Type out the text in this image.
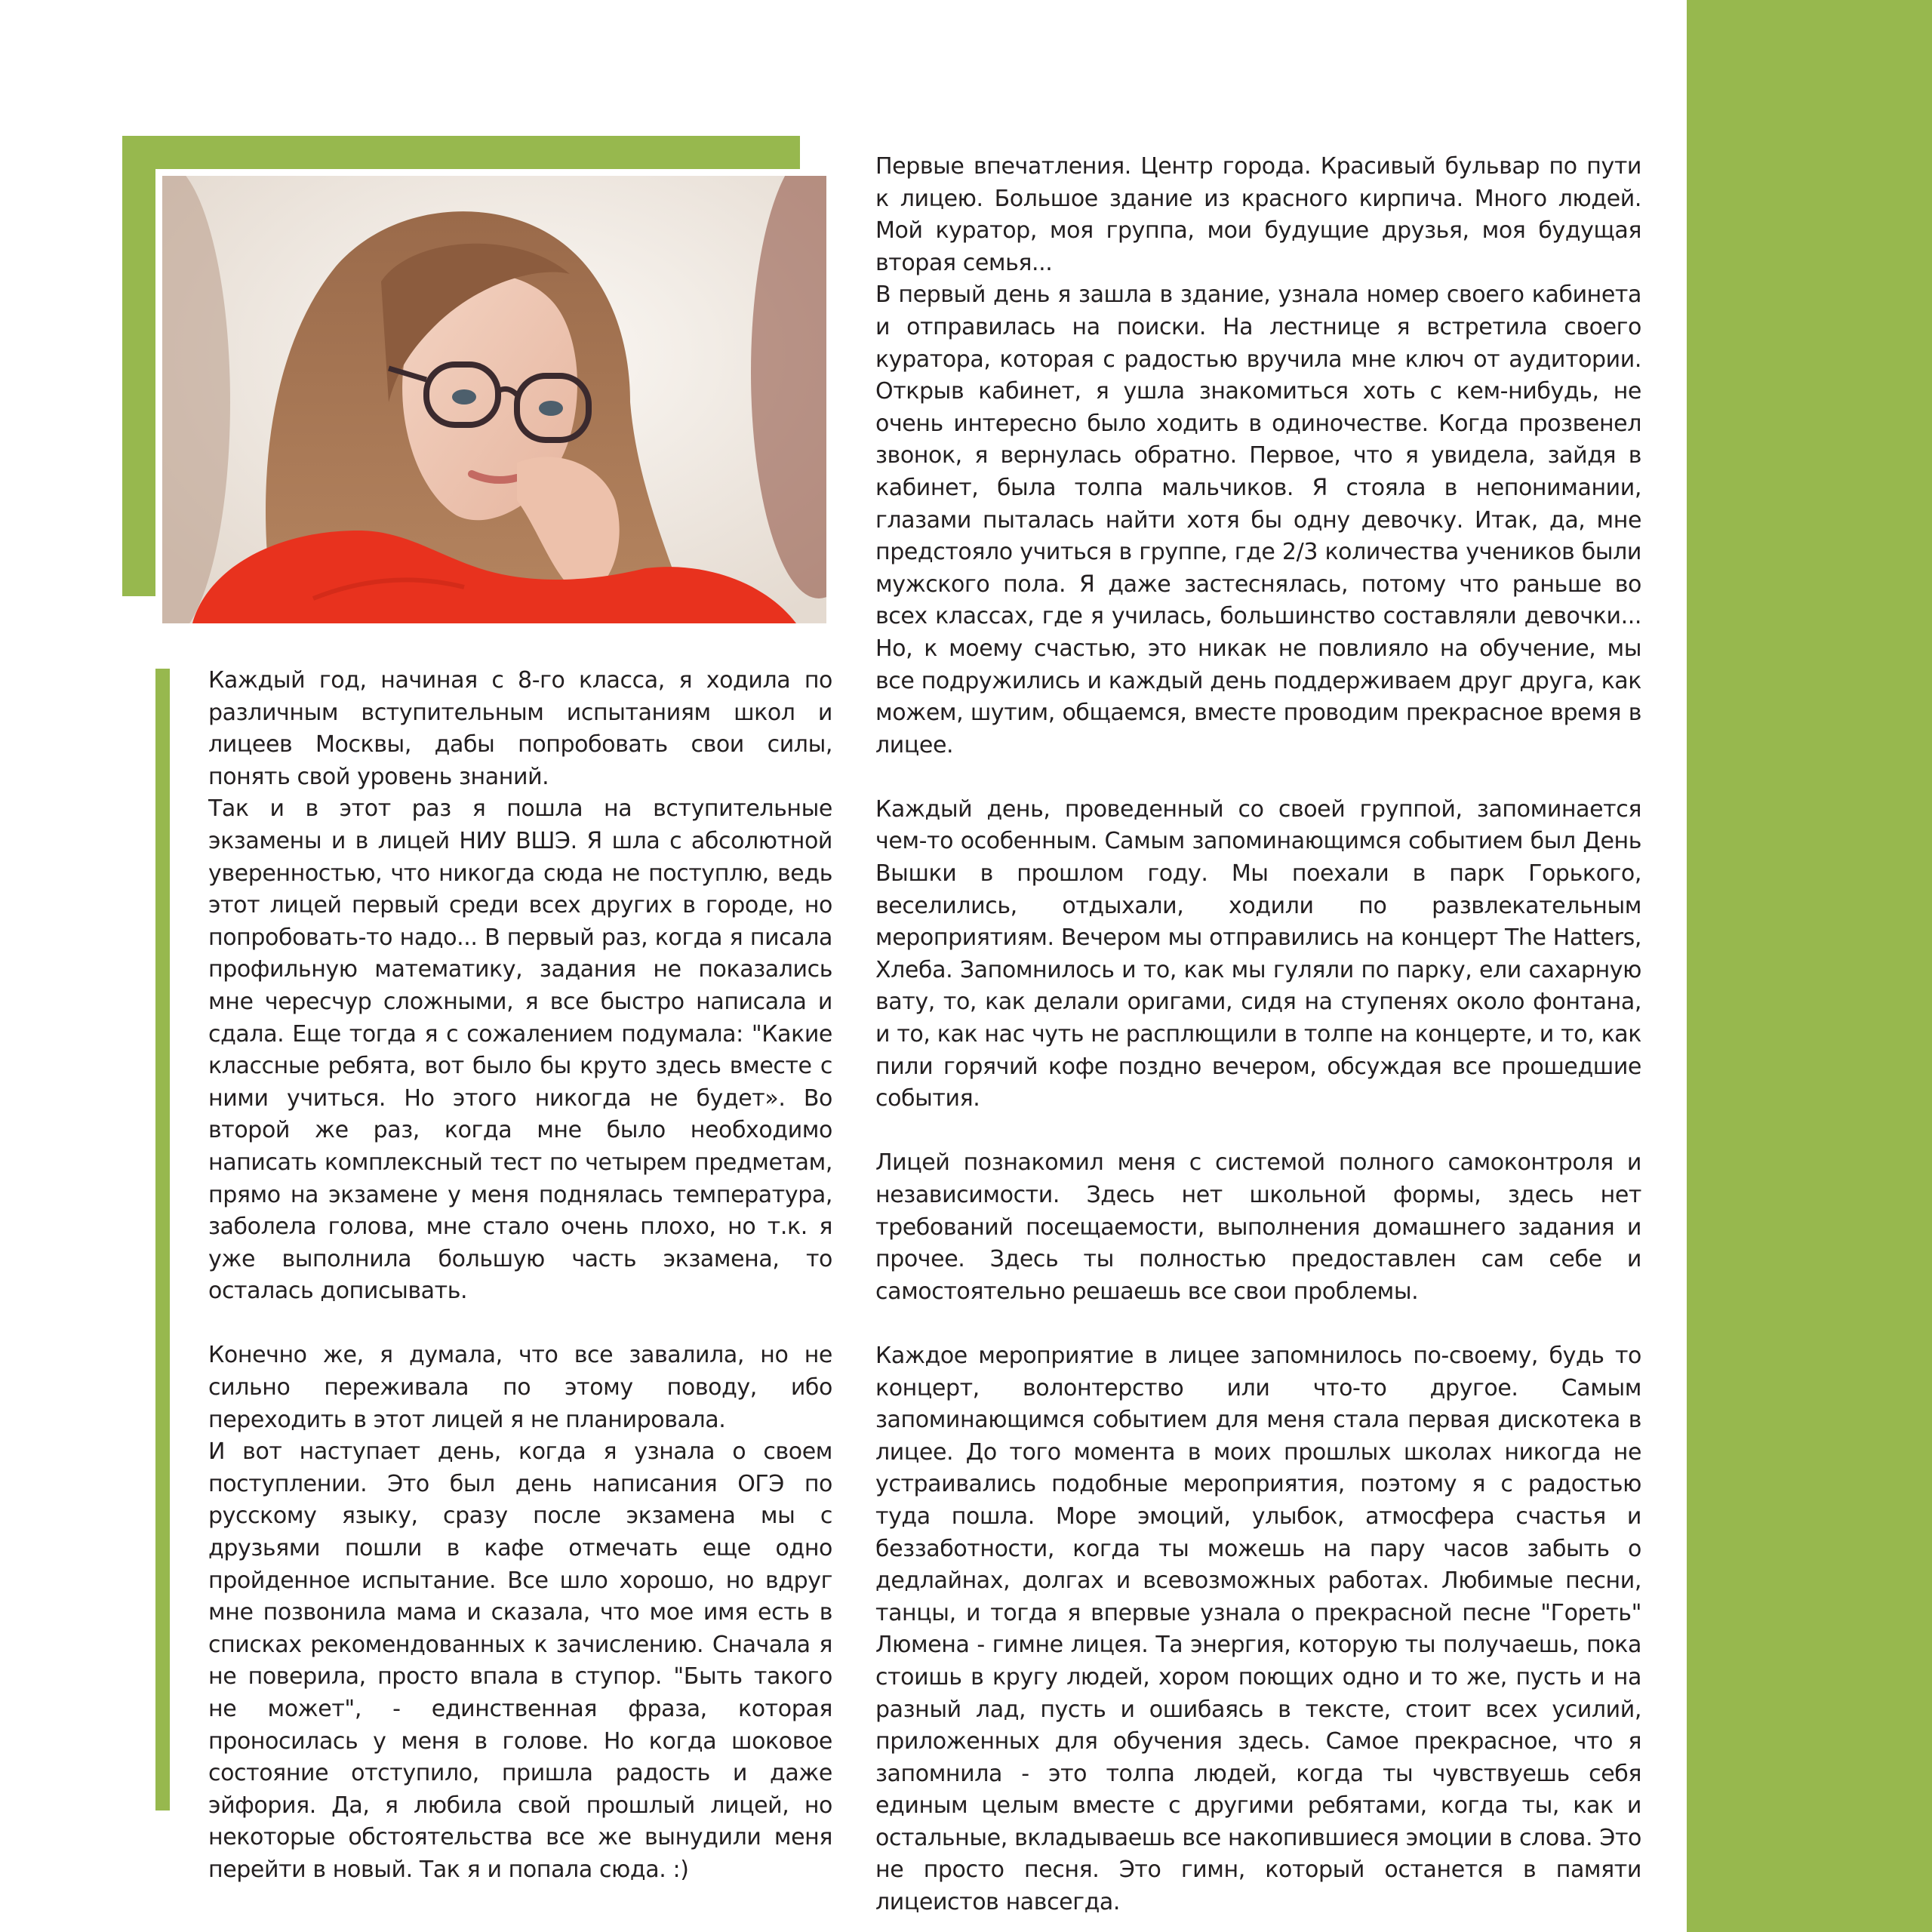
Каждый год, начиная с 8-го класса, я ходила по различным вступительным испытаниям школ и лицеев Москвы, дабы попробовать свои силы, понять свой уровень знаний.

Так и в этот раз я пошла на вступительные экзамены и в лицей НИУ ВШЭ. Я шла с абсолютной уверенностью, что никогда сюда не поступлю, ведь этот лицей первый среди всех других в городе, но попробовать-то надо... В первый раз, когда я писала профильную математику, задания не показались мне чересчур сложными, я все быстро написала и сдала. Еще тогда я с сожалением подумала: "Какие классные ребята, вот было бы круто здесь вместе с ними учиться. Но этого никогда не будет». Во второй же раз, когда мне было необходимо написать комплексный тест по четырем предметам, прямо на экзамене у меня поднялась температура, заболела голова, мне стало очень плохо, но т.к. я уже выполнила большую часть экзамена, то осталась дописывать.

Конечно же, я думала, что все завалила, но не сильно переживала по этому поводу, ибо переходить в этот лицей я не планировала.

И вот наступает день, когда я узнала о своем поступлении. Это был день написания ОГЭ по русскому языку, сразу после экзамена мы с друзьями пошли в кафе отмечать еще одно пройденное испытание. Все шло хорошо, но вдруг мне позвонила мама и сказала, что мое имя есть в списках рекомендованных к зачислению. Сначала я не поверила, просто впала в ступор. "Быть такого не может", - единственная фраза, которая проносилась у меня в голове. Но когда шоковое состояние отступило, пришла радость и даже эйфория. Да, я любила свой прошлый лицей, но некоторые обстоятельства все же вынудили меня перейти в новый. Так я и попала сюда. :)

Первые впечатления. Центр города. Красивый бульвар по пути к лицею. Большое здание из красного кирпича. Много людей. Мой куратор, моя группа, мои будущие друзья, моя будущая вторая семья...

В первый день я зашла в здание, узнала номер своего кабинета и отправилась на поиски. На лестнице я встретила своего куратора, которая с радостью вручила мне ключ от аудитории. Открыв кабинет, я ушла знакомиться хоть с кем-нибудь, не очень интересно было ходить в одиночестве. Когда прозвенел звонок, я вернулась обратно. Первое, что я увидела, зайдя в кабинет, была толпа мальчиков. Я стояла в непонимании, глазами пыталась найти хотя бы одну девочку. Итак, да, мне предстояло учиться в группе, где 2/3 количества учеников были мужского пола. Я даже застеснялась, потому что раньше во всех классах, где я училась, большинство составляли девочки... Но, к моему счастью, это никак не повлияло на обучение, мы все подружились и каждый день поддерживаем друг друга, как можем, шутим, общаемся, вместе проводим прекрасное время в лицее.

Каждый день, проведенный со своей группой, запоминается чем-то особенным. Самым запоминающимся событием был День Вышки в прошлом году. Мы поехали в парк Горького, веселились, отдыхали, ходили по развлекательным мероприятиям. Вечером мы отправились на концерт The Hatters, Хлеба. Запомнилось и то, как мы гуляли по парку, ели сахарную вату, то, как делали оригами, сидя на ступенях около фонтана, и то, как нас чуть не расплющили в толпе на концерте, и то, как пили горячий кофе поздно вечером, обсуждая все прошедшие события.

Лицей познакомил меня с системой полного самоконтроля и независимости. Здесь нет школьной формы, здесь нет требований посещаемости, выполнения домашнего задания и прочее. Здесь ты полностью предоставлен сам себе и самостоятельно решаешь все свои проблемы.

Каждое мероприятие в лицее запомнилось по-своему, будь то концерт, волонтерство или что-то другое. Самым запоминающимся событием для меня стала первая дискотека в лицее. До того момента в моих прошлых школах никогда не устраивались подобные мероприятия, поэтому я с радостью туда пошла. Море эмоций, улыбок, атмосфера счастья и беззаботности, когда ты можешь на пару часов забыть о дедлайнах, долгах и всевозможных работах. Любимые песни, танцы, и тогда я впервые узнала о прекрасной песне "Гореть" Люмена - гимне лицея. Та энергия, которую ты получаешь, пока стоишь в кругу людей, хором поющих одно и то же, пусть и на разный лад, пусть и ошибаясь в тексте, стоит всех усилий, приложенных для обучения здесь. Самое прекрасное, что я запомнила - это толпа людей, когда ты чувствуешь себя единым целым вместе с другими ребятами, когда ты, как и остальные, вкладываешь все накопившиеся эмоции в слова. Это не просто песня. Это гимн, который останется в памяти лицеистов навсегда.
